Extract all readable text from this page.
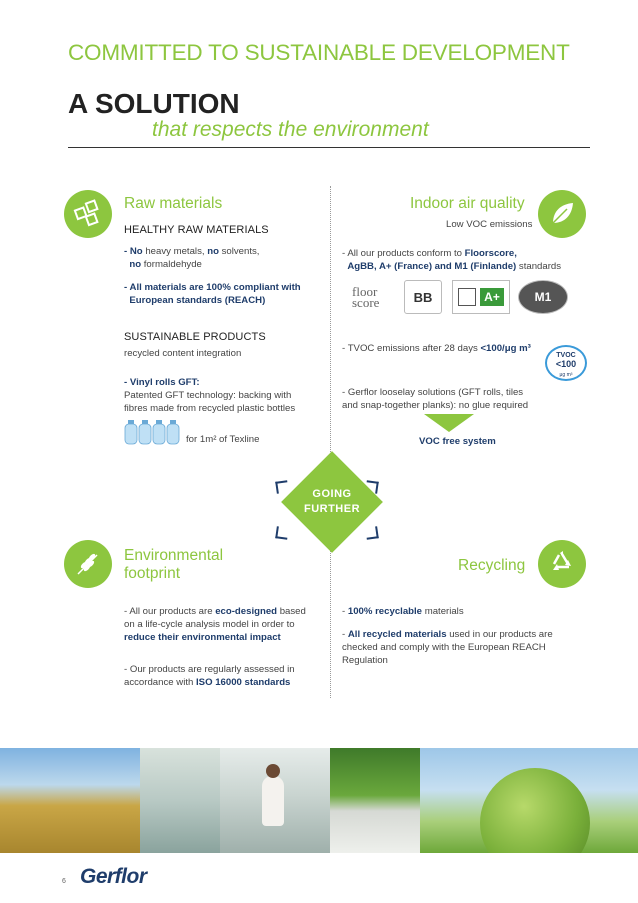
COMMITTED TO SUSTAINABLE DEVELOPMENT
A SOLUTION
that respects the environment
Raw materials
HEALTHY RAW MATERIALS
- No heavy metals, no solvents,
no formaldehyde
- All materials are 100% compliant with
European standards (REACH)
SUSTAINABLE PRODUCTS
recycled content integration
- Vinyl rolls GFT:
Patented GFT technology: backing with
fibres made from recycled plastic bottles
for 1m² of Texline
Indoor air quality
Low VOC emissions
- All our products conform to Floorscore,
AgBB, A+ (France) and M1 (Finlande) standards
floor score	BB	A+	M1
- TVOC emissions after 28 days <100/μg m³
TVOC
<100
μg m³
- Gerflor looselay solutions (GFT rolls, tiles
and snap-together planks): no glue required
VOC free system
GOING
FURTHER
Environmental
footprint
- All our products are eco-designed based
on a life-cycle analysis model in order to
reduce their environmental impact
- Our products are regularly assessed in
accordance with ISO 16000 standards
Recycling
- 100% recyclable materials
- All recycled materials used in our products are
checked and comply with the European REACH
Regulation
6 Gerflor
